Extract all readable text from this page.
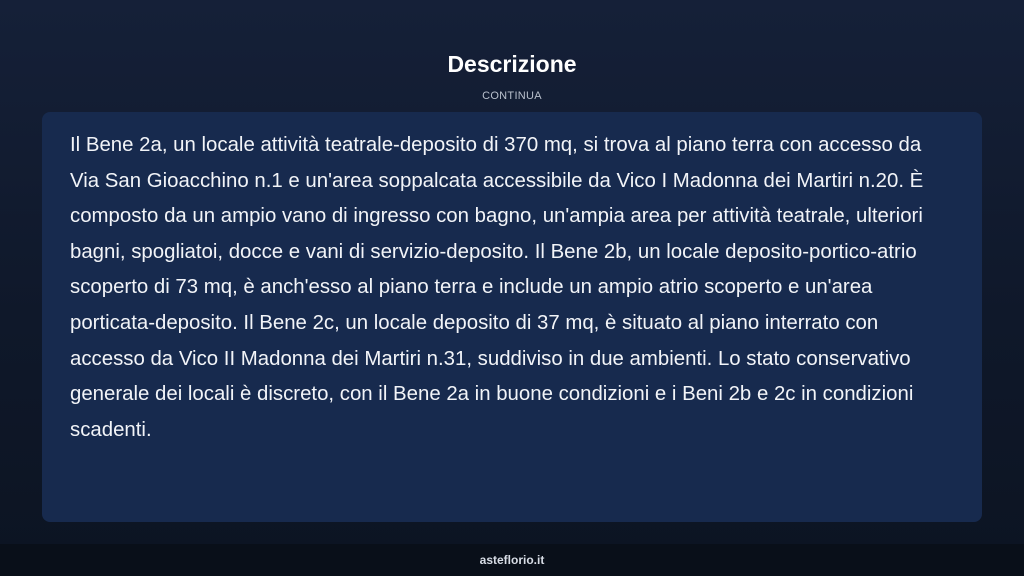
Descrizione
CONTINUA

Il Bene 2a, un locale attività teatrale-deposito di 370 mq, si trova al piano terra con accesso da Via San Gioacchino n.1 e un'area soppalcata accessibile da Vico I Madonna dei Martiri n.20. È composto da un ampio vano di ingresso con bagno, un'ampia area per attività teatrale, ulteriori bagni, spogliatoi, docce e vani di servizio-deposito. Il Bene 2b, un locale deposito-portico-atrio scoperto di 73 mq, è anch'esso al piano terra e include un ampio atrio scoperto e un'area porticata-deposito. Il Bene 2c, un locale deposito di 37 mq, è situato al piano interrato con accesso da Vico II Madonna dei Martiri n.31, suddiviso in due ambienti. Lo stato conservativo generale dei locali è discreto, con il Bene 2a in buone condizioni e i Beni 2b e 2c in condizioni scadenti.

asteflorio.it
